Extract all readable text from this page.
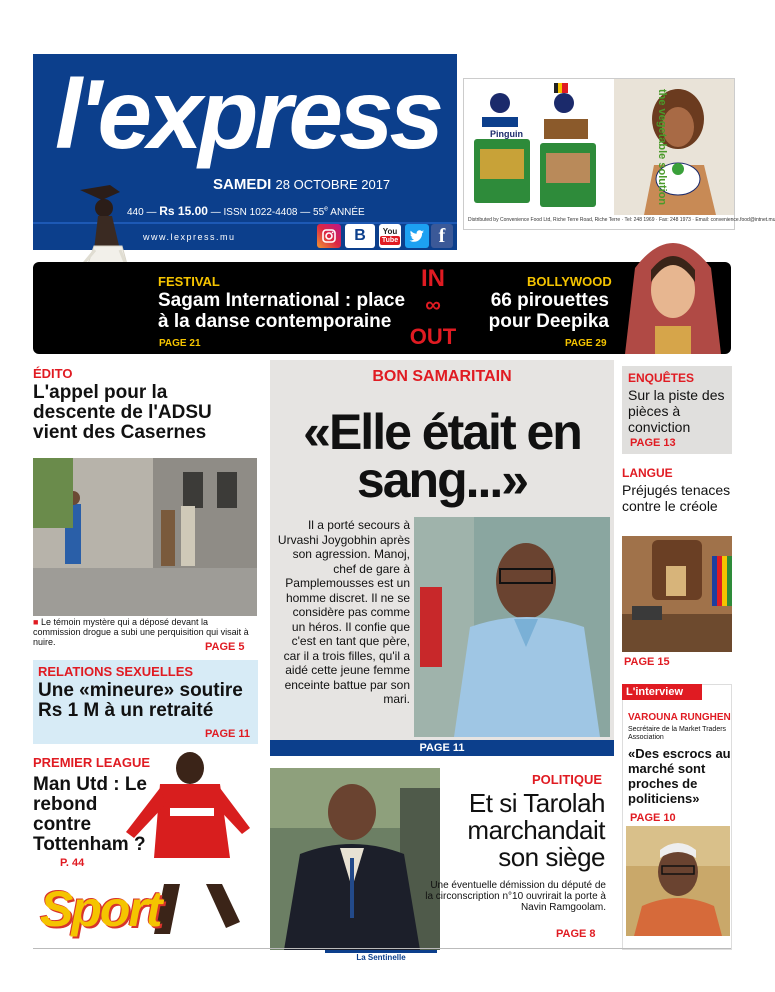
l'express
SAMEDI 28 OCTOBRE 2017
440 — Rs 15.00 — ISSN 1022-4408 — 55e ANNÉE
www.lexpress.mu	B	You
Tube	f
Pinguin	the vegetable solution
Distributed by Convenience Food Ltd, Riche Terre Road, Riche Terre · Tel: 248 1969 · Fax: 248 1973 · Email: convenience.food@intnet.mu
FESTIVAL
Sagam International : place à la danse contemporaine
PAGE 21
IN
∞
OUT
BOLLYWOOD
66 pirouettes pour Deepika
PAGE 29
ÉDITO
L'appel pour la descente de l'ADSU vient des Casernes
■ Le témoin mystère qui a déposé devant la commission drogue a subi une perquisition qui visait à nuire.	PAGE 5
RELATIONS SEXUELLES
Une «mineure» soutire Rs 1 M à un retraité
PAGE 11
PREMIER LEAGUE
Man Utd : Le rebond contre Tottenham ?
P. 44
Sport
BON SAMARITAIN
«Elle était en sang...»
Il a porté secours à Urvashi Joygobhin après son agression. Manoj, chef de gare à Pamplemousses est un homme discret. Il ne se considère pas comme un héros. Il confie que c'est en tant que père, car il a trois filles, qu'il a aidé cette jeune femme enceinte battue par son mari.
PAGE 11
POLITIQUE
Et si Tarolah marchandait son siège
Une éventuelle démission du député de la circonscription n°10 ouvrirait la porte à Navin Ramgoolam.
PAGE 8
ENQUÊTES
Sur la piste des pièces à conviction
PAGE 13
LANGUE
Préjugés tenaces contre le créole
PAGE 15
L'interview
VAROUNA RUNGHEN
Secrétaire de la Market Traders Association
«Des escrocs au marché sont proches de politiciens»
PAGE 10
La Sentinelle
